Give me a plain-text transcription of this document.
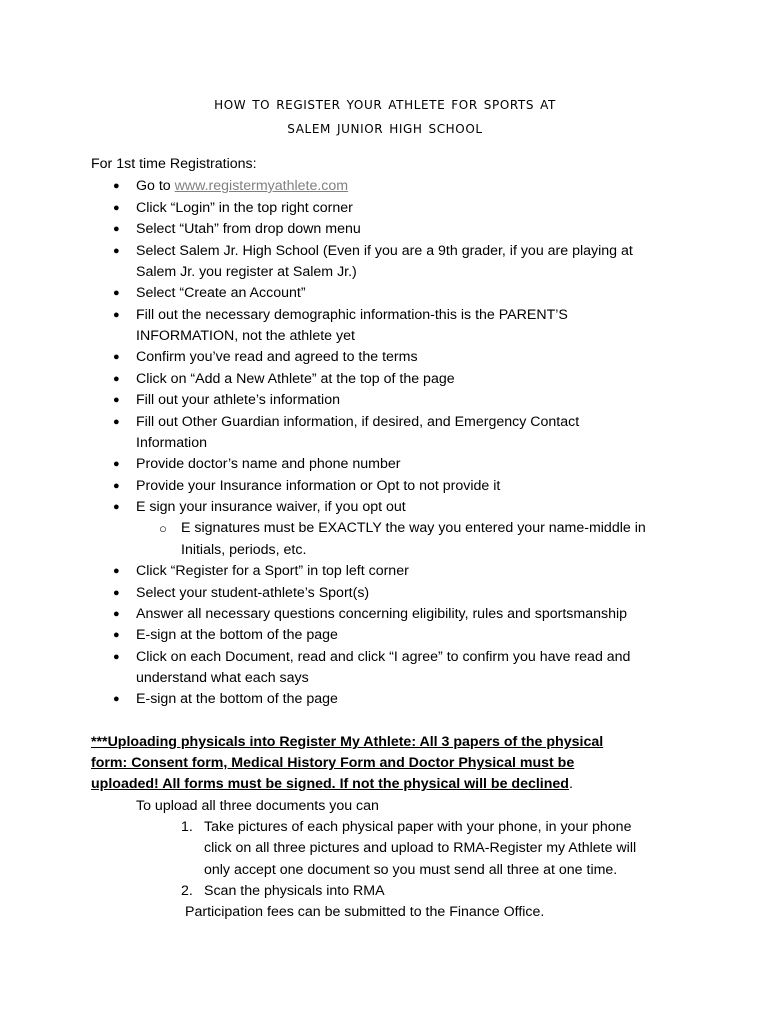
how to register your athlete for sports at
salem junior high school
For 1st time Registrations:
● Go to www.registermyathlete.com
● Click “Login” in the top right corner
● Select “Utah” from drop down menu
● Select Salem Jr. High School (Even if you are a 9th grader, if you are playing at
Salem Jr. you register at Salem Jr.)
● Select “Create an Account”
● Fill out the necessary demographic information-this is the PARENT’S
INFORMATION, not the athlete yet
● Confirm you’ve read and agreed to the terms
● Click on “Add a New Athlete” at the top of the page
● Fill out your athlete’s information
● Fill out Other Guardian information, if desired, and Emergency Contact
Information
● Provide doctor’s name and phone number
● Provide your Insurance information or Opt to not provide it
● E sign your insurance waiver, if you opt out
○ E signatures must be EXACTLY the way you entered your name-middle in
Initials, periods, etc.
● Click “Register for a Sport” in top left corner
● Select your student-athlete’s Sport(s)
● Answer all necessary questions concerning eligibility, rules and sportsmanship
● E-sign at the bottom of the page
● Click on each Document, read and click “I agree” to confirm you have read and
understand what each says
● E-sign at the bottom of the page
***Uploading physicals into Register My Athlete: All 3 papers of the physical
form: Consent form, Medical History Form and Doctor Physical must be
uploaded! All forms must be signed. If not the physical will be declined.
To upload all three documents you can
1. Take pictures of each physical paper with your phone, in your phone
click on all three pictures and upload to RMA-Register my Athlete will
only accept one document so you must send all three at one time.
2. Scan the physicals into RMA
Participation fees can be submitted to the Finance Office.
